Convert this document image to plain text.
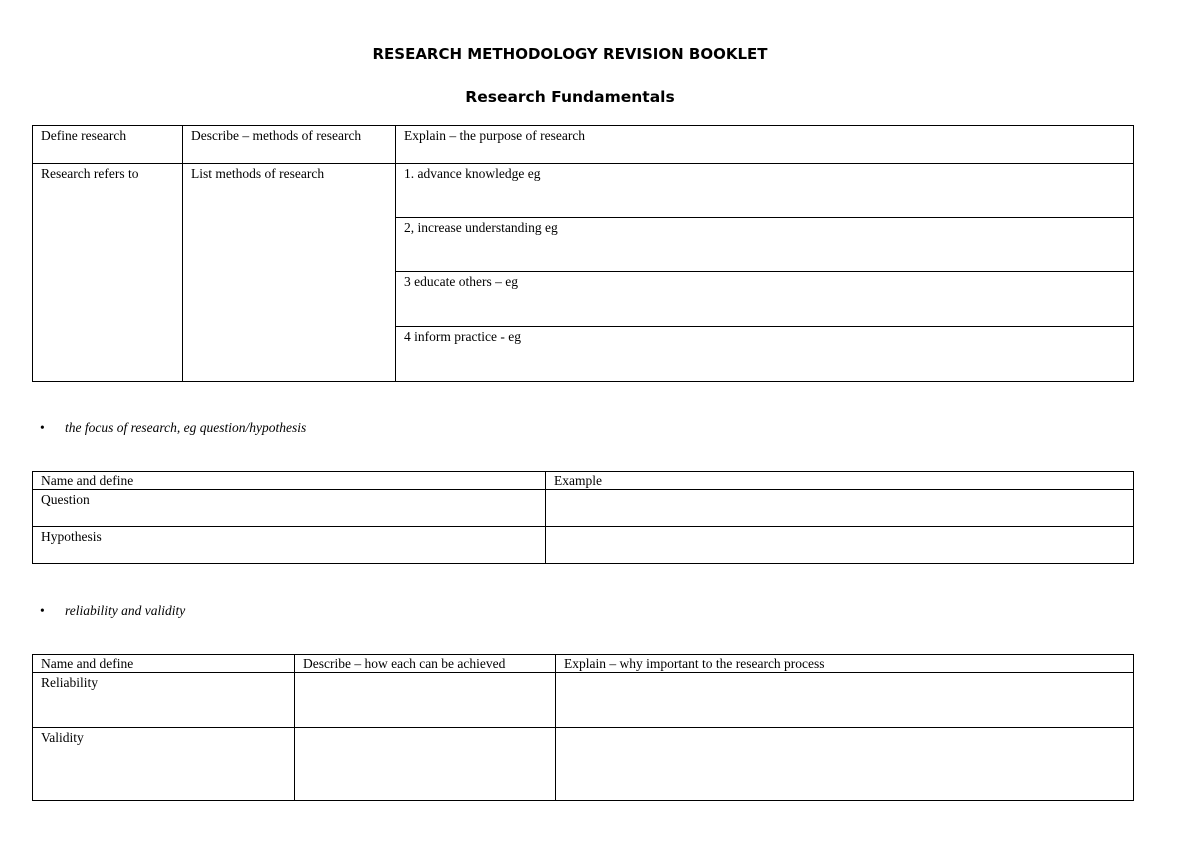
RESEARCH METHODOLOGY REVISION BOOKLET
Research Fundamentals
Define research	Describe – methods of research	Explain – the purpose of research
Research refers to	List methods of research	1. advance knowledge eg
		2, increase understanding eg
		3 educate others – eg
		4 inform practice - eg
• the focus of research, eg question/hypothesis
Name and define	Example
Question	
Hypothesis	
• reliability and validity
Name and define	Describe – how each can be achieved	Explain – why important to the research process
Reliability		
Validity		
